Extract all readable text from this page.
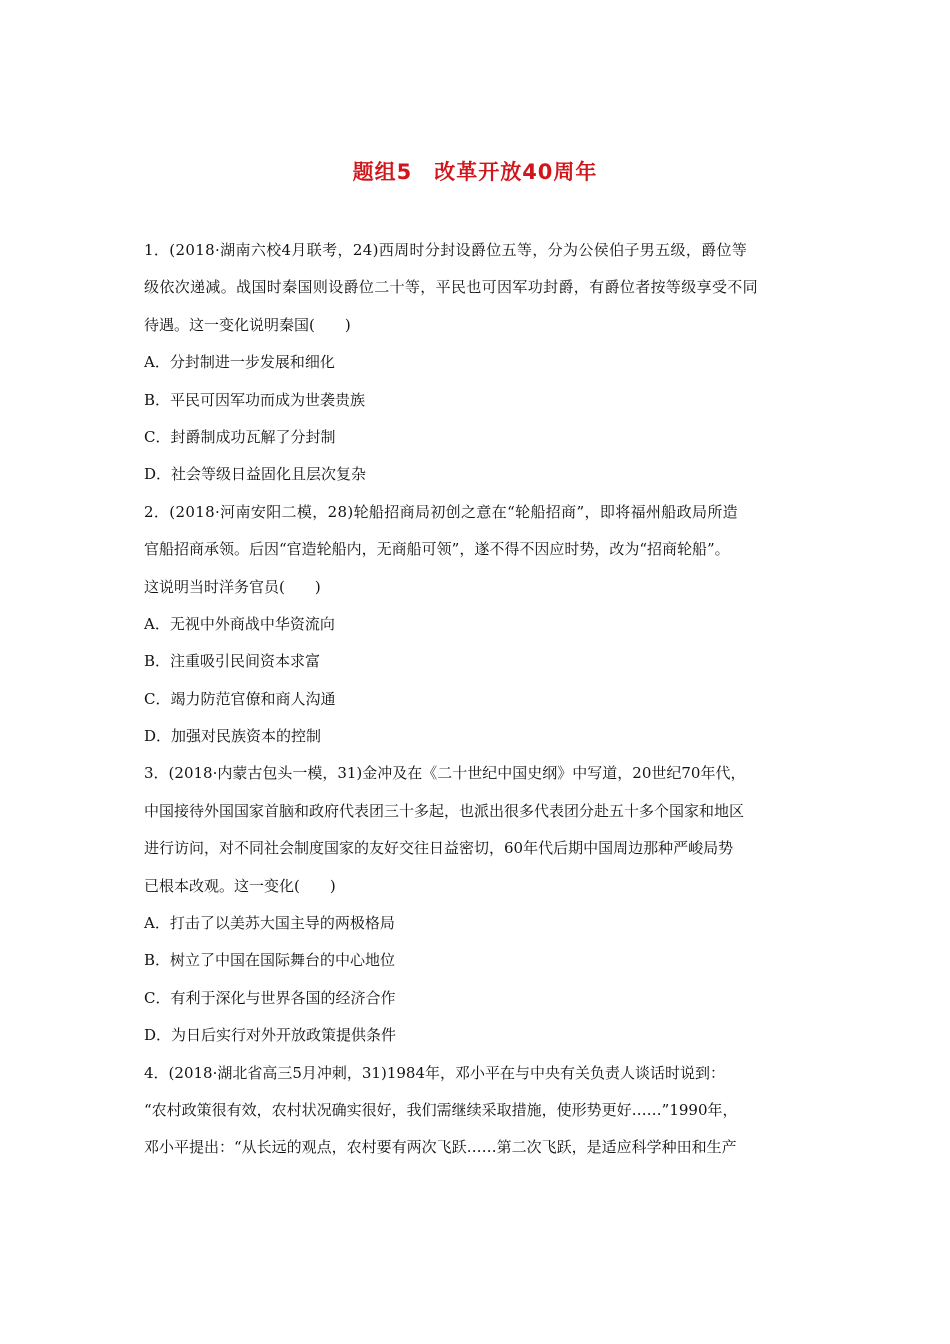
题组5　改革开放40周年
1．(2018·湖南六校4月联考，24)西周时分封设爵位五等，分为公侯伯子男五级，爵位等
级依次递减。战国时秦国则设爵位二十等，平民也可因军功封爵，有爵位者按等级享受不同
待遇。这一变化说明秦国(　　)
A．分封制进一步发展和细化
B．平民可因军功而成为世袭贵族
C．封爵制成功瓦解了分封制
D．社会等级日益固化且层次复杂
2．(2018·河南安阳二模，28)轮船招商局初创之意在“轮船招商”，即将福州船政局所造
官船招商承领。后因“官造轮船内，无商船可领”，遂不得不因应时势，改为“招商轮船”。
这说明当时洋务官员(　　)
A．无视中外商战中华资流向
B．注重吸引民间资本求富
C．竭力防范官僚和商人沟通
D．加强对民族资本的控制
3．(2018·内蒙古包头一模，31)金冲及在《二十世纪中国史纲》中写道，20世纪70年代，
中国接待外国国家首脑和政府代表团三十多起，也派出很多代表团分赴五十多个国家和地区
进行访问，对不同社会制度国家的友好交往日益密切，60年代后期中国周边那种严峻局势
已根本改观。这一变化(　　)
A．打击了以美苏大国主导的两极格局
B．树立了中国在国际舞台的中心地位
C．有利于深化与世界各国的经济合作
D．为日后实行对外开放政策提供条件
4．(2018·湖北省高三5月冲刺，31)1984年，邓小平在与中央有关负责人谈话时说到：
“农村政策很有效，农村状况确实很好，我们需继续采取措施，使形势更好……”1990年，
邓小平提出：“从长远的观点，农村要有两次飞跃……第二次飞跃，是适应科学种田和生产
